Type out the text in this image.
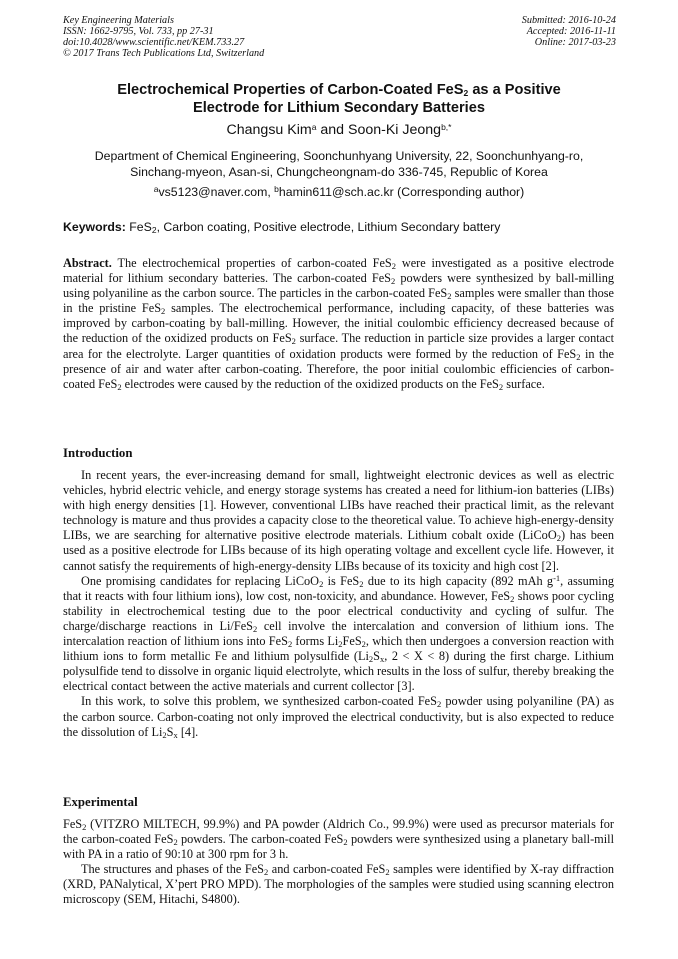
Key Engineering Materials
ISSN: 1662-9795, Vol. 733, pp 27-31
doi:10.4028/www.scientific.net/KEM.733.27
© 2017 Trans Tech Publications Ltd, Switzerland
Submitted: 2016-10-24
Accepted: 2016-11-11
Online: 2017-03-23
Electrochemical Properties of Carbon-Coated FeS$_2$ as a Positive
Electrode for Lithium Secondary Batteries
Changsu Kim$^a$ and Soon-Ki Jeong$^{b,*}$
Department of Chemical Engineering, Soonchunhyang University, 22, Soonchunhyang-ro,
Sinchang-myeon, Asan-si, Chungcheongnam-do 336-745, Republic of Korea
$^a$vs5123@naver.com, $^b$hamin611@sch.ac.kr (Corresponding author)
Keywords: FeS$_2$, Carbon coating, Positive electrode, Lithium Secondary battery

Abstract. The electrochemical properties of carbon-coated FeS$_2$ were investigated as a positive electrode material for lithium secondary batteries. The carbon-coated FeS$_2$ powders were synthesized by ball-milling using polyaniline as the carbon source. The particles in the carbon-coated FeS$_2$ samples were smaller than those in the pristine FeS$_2$ samples. The electrochemical performance, including capacity, of these batteries was improved by carbon-coating by ball-milling. However, the initial coulombic efficiency decreased because of the reduction of the oxidized products on FeS$_2$ surface. The reduction in particle size provides a larger contact area for the electrolyte. Larger quantities of oxidation products were formed by the reduction of FeS$_2$ in the presence of air and water after carbon-coating. Therefore, the poor initial coulombic efficiencies of carbon-coated FeS$_2$ electrodes were caused by the reduction of the oxidized products on the FeS$_2$ surface.

Introduction

In recent years, the ever-increasing demand for small, lightweight electronic devices as well as electric vehicles, hybrid electric vehicle, and energy storage systems has created a need for lithium-ion batteries (LIBs) with high energy densities [1]. However, conventional LIBs have reached their practical limit, as the relevant technology is mature and thus provides a capacity close to the theoretical value. To achieve high-energy-density LIBs, we are searching for alternative positive electrode materials. Lithium cobalt oxide (LiCoO$_2$) has been used as a positive electrode for LIBs because of its high operating voltage and excellent cycle life. However, it cannot satisfy the requirements of high-energy-density LIBs because of its toxicity and high cost [2].

One promising candidates for replacing LiCoO$_2$ is FeS$_2$ due to its high capacity (892 mAh $g^{-1}$, assuming that it reacts with four lithium ions), low cost, non-toxicity, and abundance. However, FeS$_2$ shows poor cycling stability in electrochemical testing due to the poor electrical conductivity and cycling of sulfur. The charge/discharge reactions in Li/FeS$_2$ cell involve the intercalation and conversion of lithium ions. The intercalation reaction of lithium ions into FeS$_2$ forms $Li_2FeS_2$, which then undergoes a conversion reaction with lithium ions to form metallic Fe and lithium polysulfide ($Li_2S_x$, 2 < X < 8) during the first charge. Lithium polysulfide tend to dissolve in organic liquid electrolyte, which results in the loss of sulfur, thereby breaking the electrical contact between the active materials and current collector [3].

In this work, to solve this problem, we synthesized carbon-coated FeS$_2$ powder using polyaniline (PA) as the carbon source. Carbon-coating not only improved the electrical conductivity, but is also expected to reduce the dissolution of $Li_2S_x$ [4].

Experimental

FeS$_2$ (VITZRO MILTECH, 99.9%) and PA powder (Aldrich Co., 99.9%) were used as precursor materials for the carbon-coated FeS$_2$ powders. The carbon-coated FeS$_2$ powders were synthesized using a planetary ball-mill with PA in a ratio of 90:10 at 300 rpm for 3 h.

The structures and phases of the FeS$_2$ and carbon-coated FeS$_2$ samples were identified by X-ray diffraction (XRD, PANalytical, X’pert PRO MPD). The morphologies of the samples were studied using scanning electron microscopy (SEM, Hitachi, S4800).
